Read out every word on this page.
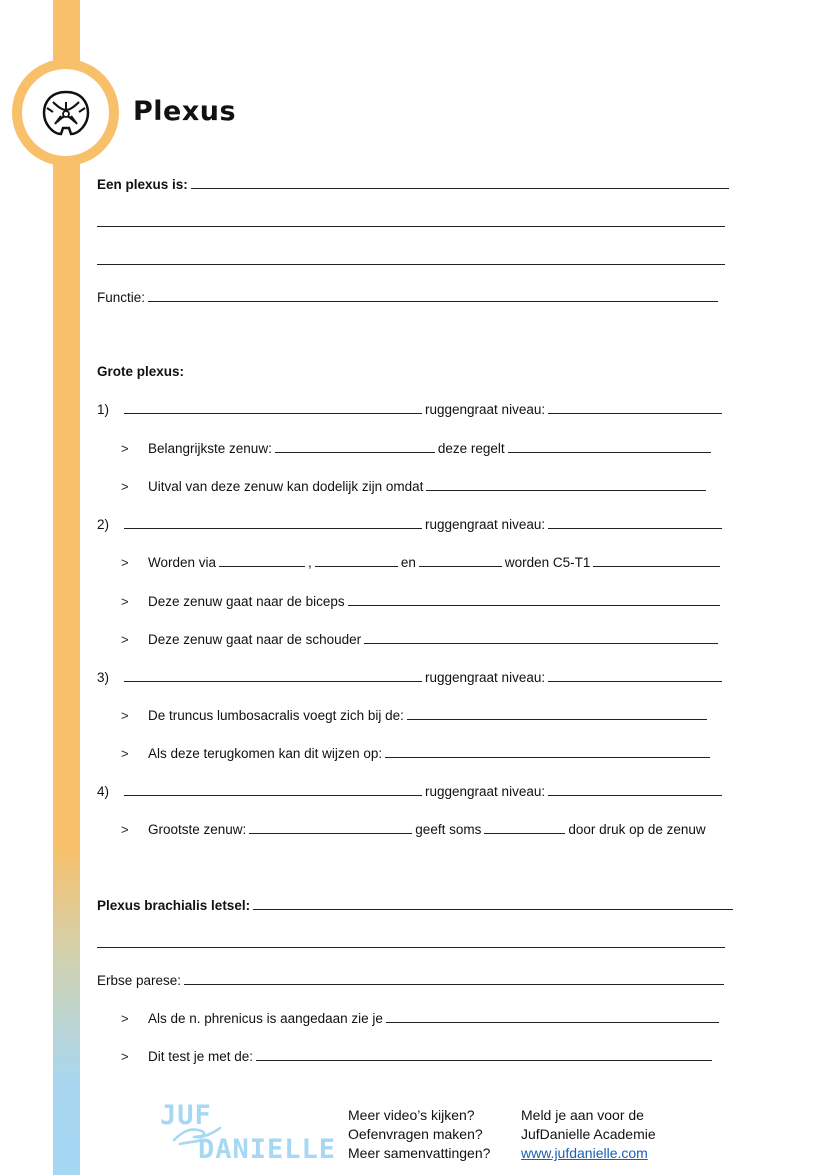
Plexus
Een plexus is:
Functie:
Grote plexus:
1)	ruggengraat niveau:
> Belangrijkste zenuw:	deze regelt
> Uitval van deze zenuw kan dodelijk zijn omdat
2)	ruggengraat niveau:
> Worden via	,	en	worden C5-T1
> Deze zenuw gaat naar de biceps
> Deze zenuw gaat naar de schouder
3)	ruggengraat niveau:
> De truncus lumbosacralis voegt zich bij de:
> Als deze terugkomen kan dit wijzen op:
4)	ruggengraat niveau:
> Grootste zenuw:	geeft soms	door druk op de zenuw
Plexus brachialis letsel:
Erbse parese:
> Als de n. phrenicus is aangedaan zie je
> Dit test je met de:
JUF
DANIELLE
Meer video’s kijken?
Oefenvragen maken?
Meer samenvattingen?
Meld je aan voor de
JufDanielle Academie
www.jufdanielle.com
